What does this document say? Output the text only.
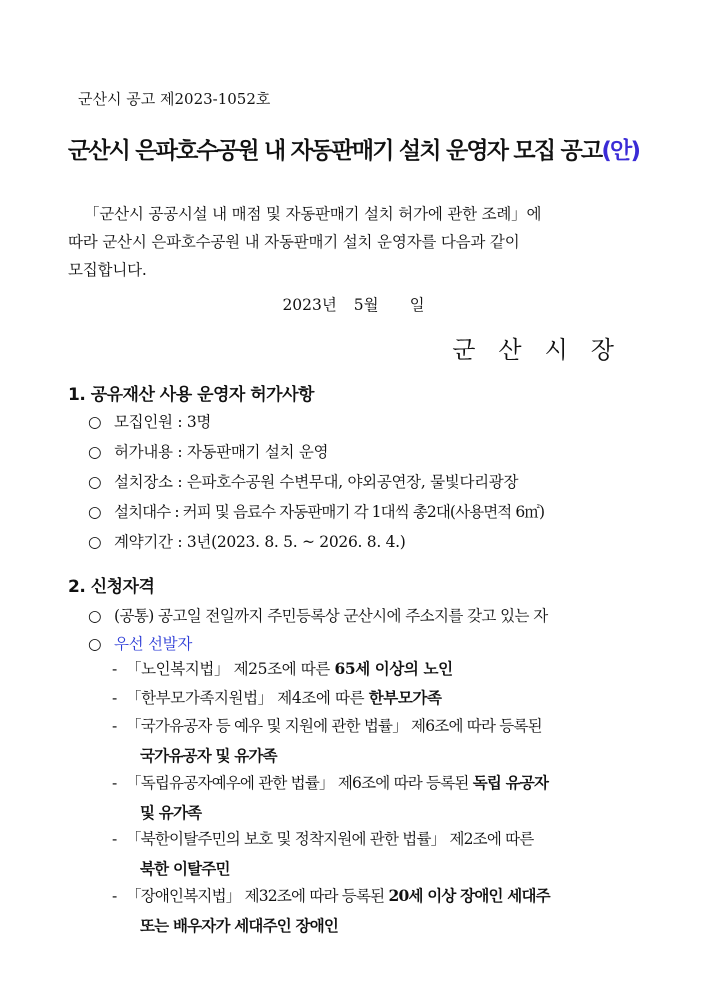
군산시 공고 제2023-1052호
군산시 은파호수공원 내 자동판매기 설치 운영자 모집 공고(안)
「군산시 공공시설 내 매점 및 자동판매기 설치 허가에 관한 조례」에
따라 군산시 은파호수공원 내 자동판매기 설치 운영자를 다음과 같이
모집합니다.
2023년 5월 일
군산시장
1. 공유재산 사용 운영자 허가사항
○ 모집인원 : 3명
○ 허가내용 : 자동판매기 설치 운영
○ 설치장소 : 은파호수공원 수변무대, 야외공연장, 물빛다리광장
○ 설치대수 : 커피 및 음료수 자동판매기 각 1대씩 총2대(사용면적 6㎡)
○ 계약기간 : 3년(2023. 8. 5. ~ 2026. 8. 4.)
2. 신청자격
○ (공통) 공고일 전일까지 주민등록상 군산시에 주소지를 갖고 있는 자
○ 우선 선발자
- 「노인복지법」 제25조에 따른 65세 이상의 노인
- 「한부모가족지원법」 제4조에 따른 한부모가족
- 「국가유공자 등 예우 및 지원에 관한 법률」 제6조에 따라 등록된
국가유공자 및 유가족
- 「독립유공자예우에 관한 법률」 제6조에 따라 등록된 독립 유공자
및 유가족
- 「북한이탈주민의 보호 및 정착지원에 관한 법률」 제2조에 따른
북한 이탈주민
- 「장애인복지법」 제32조에 따라 등록된 20세 이상 장애인 세대주
또는 배우자가 세대주인 장애인
